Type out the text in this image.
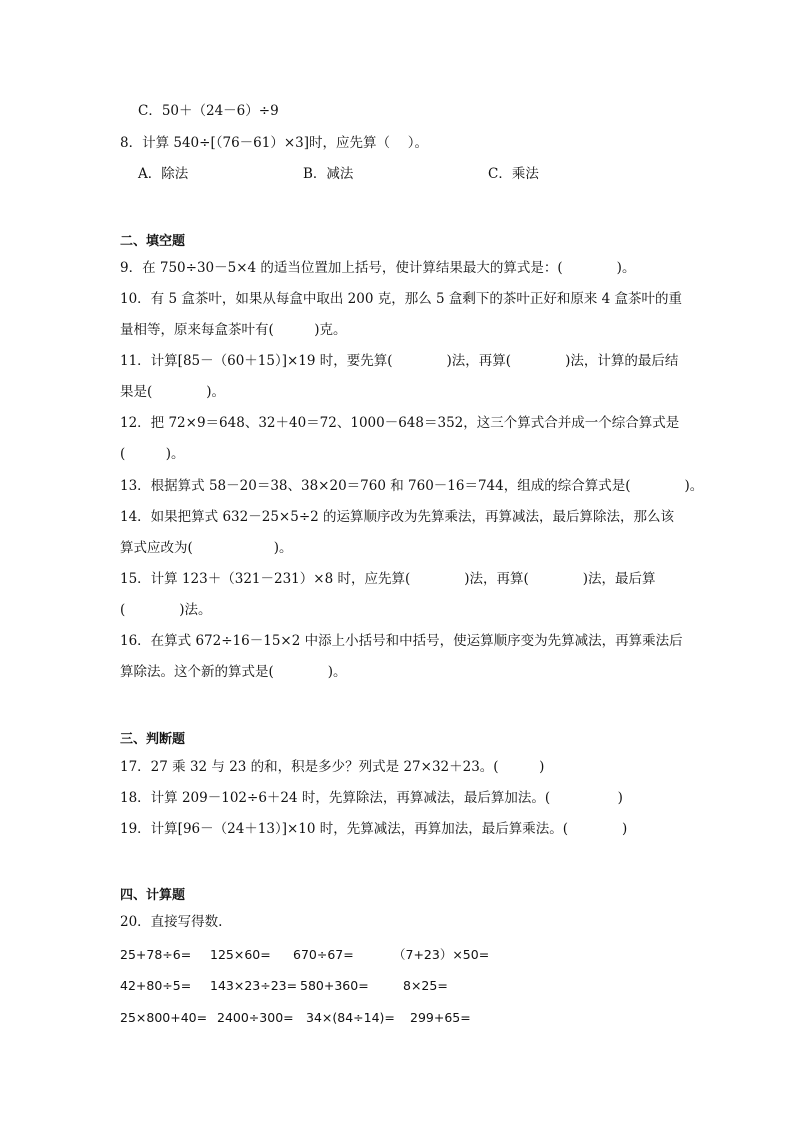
C．50＋（24－6）÷9
8．计算 540÷[（76－61）×3]时，应先算（　 ）。
A．除法	B．减法	C．乘法
二、填空题
9．在 750÷30－5×4 的适当位置加上括号，使计算结果最大的算式是：(　　　　)。
10．有 5 盒茶叶，如果从每盒中取出 200 克，那么 5 盒剩下的茶叶正好和原来 4 盒茶叶的重
量相等，原来每盒茶叶有(　　　)克。
11．计算[85－（60＋15）]×19 时，要先算(　　　　)法，再算(　　　　)法，计算的最后结
果是(　　　　)。
12．把 72×9＝648、32＋40＝72、1000－648＝352，这三个算式合并成一个综合算式是
(　　　)。
13．根据算式 58－20＝38、38×20＝760 和 760－16＝744，组成的综合算式是(　　　　)。
14．如果把算式 632－25×5÷2 的运算顺序改为先算乘法，再算减法，最后算除法，那么该
算式应改为(　　　　　　)。
15．计算 123＋（321－231）×8 时，应先算(　　　　)法，再算(　　　　)法，最后算
(　　　　)法。
16．在算式 672÷16－15×2 中添上小括号和中括号，使运算顺序变为先算减法，再算乘法后
算除法。这个新的算式是(　　　　)。
三、判断题
17．27 乘 32 与 23 的和，积是多少？列式是 27×32＋23。(　　　)
18．计算 209－102÷6＋24 时，先算除法，再算减法，最后算加法。(　　　　　)
19．计算[96－（24＋13）]×10 时，先算减法，再算加法，最后算乘法。(　　　　)
四、计算题
20．直接写得数.
25+78÷6= 125×60= 670÷67=	（7+23）×50=
42+80÷5= 143×23÷23= 580+360=	8×25=
25×800+40= 2400÷300= 34×(84÷14)= 299+65=
